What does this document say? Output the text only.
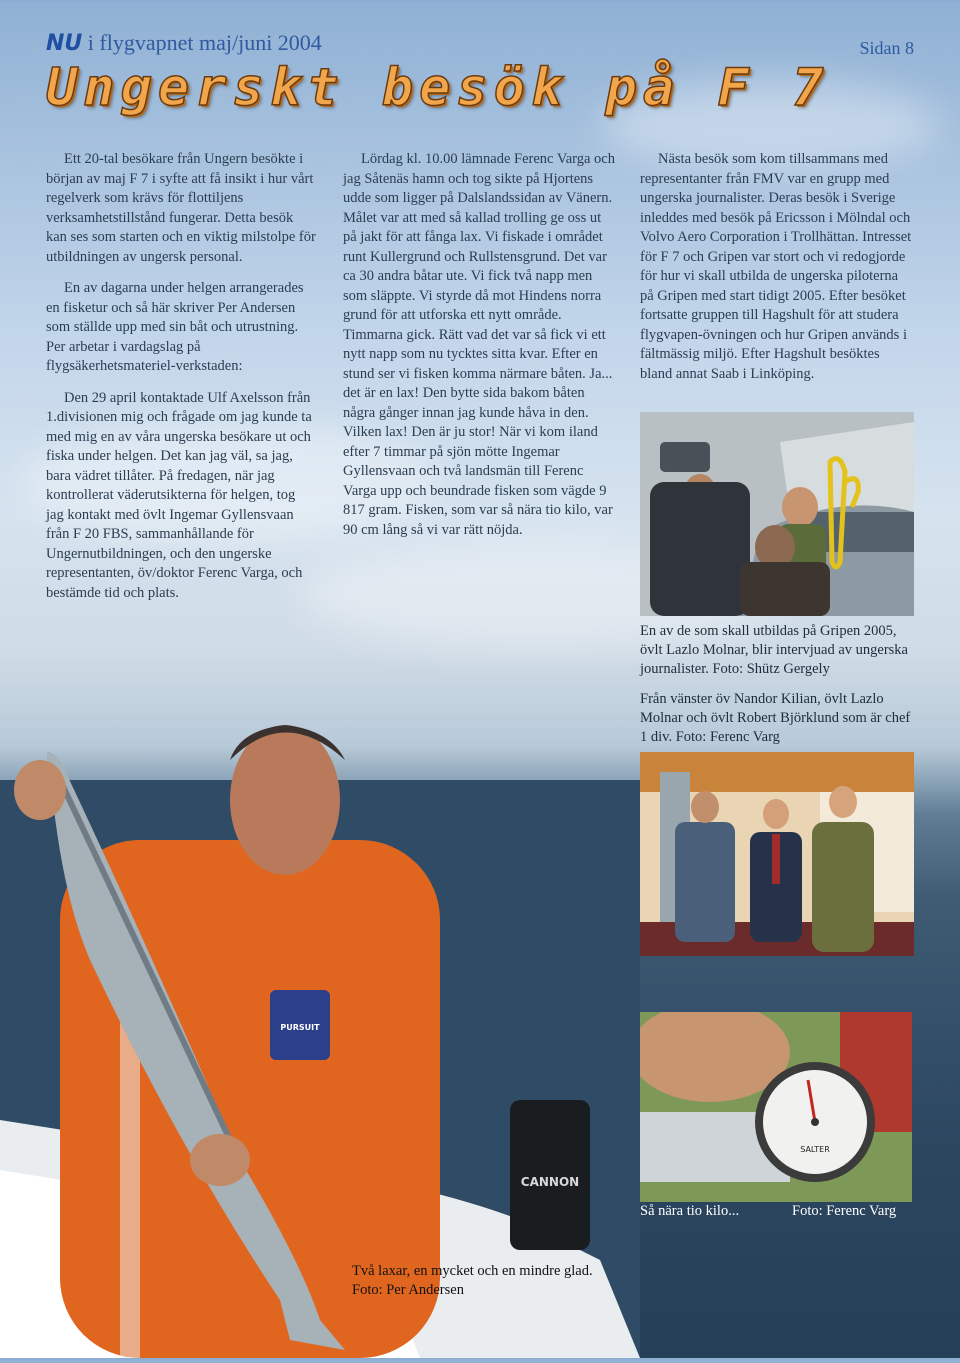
NU i flygvapnet maj/juni 2004	Sidan 8
Ungerskt besök på F 7

Ett 20-tal besökare från Ungern besökte i början av maj F 7 i syfte att få insikt i hur vårt regelverk som krävs för flottiljens verksamhetstillstånd fungerar. Detta besök kan ses som starten och en viktig milstolpe för utbildningen av ungersk personal.

En av dagarna under helgen arrangerades en fisketur och så här skriver Per Andersen som ställde upp med sin båt och utrustning. Per arbetar i vardagslag på flygsäkerhetsmateriel-verkstaden:

Den 29 april kontaktade Ulf Axelsson från 1.divisionen mig och frågade om jag kunde ta med mig en av våra ungerska besökare ut och fiska under helgen. Det kan jag väl, sa jag, bara vädret tillåter. På fredagen, när jag kontrollerat väderutsikterna för helgen, tog jag kontakt med övlt Ingemar Gyllensvaan från F 20 FBS, sammanhållande för Ungernutbildningen, och den ungerske representanten, öv/doktor Ferenc Varga, och bestämde tid och plats.

Lördag kl. 10.00 lämnade Ferenc Varga och jag Såtenäs hamn och tog sikte på Hjortens udde som ligger på Dalslandssidan av Vänern. Målet var att med så kallad trolling ge oss ut på jakt för att fånga lax. Vi fiskade i området runt Kullergrund och Rullstensgrund. Det var ca 30 andra båtar ute. Vi fick två napp men som släppte. Vi styrde då mot Hindens norra grund för att utforska ett nytt område. Timmarna gick. Rätt vad det var så fick vi ett nytt napp som nu tycktes sitta kvar. Efter en stund ser vi fisken komma närmare båten. Ja... det är en lax! Den bytte sida bakom båten några gånger innan jag kunde håva in den. Vilken lax! Den är ju stor! När vi kom iland efter 7 timmar på sjön mötte Ingemar Gyllensvaan och två landsmän till Ferenc Varga upp och beundrade fisken som vägde 9 817 gram. Fisken, som var så nära tio kilo, var 90 cm lång så vi var rätt nöjda.

Nästa besök som kom tillsammans med representanter från FMV var en grupp med ungerska journalister. Deras besök i Sverige inleddes med besök på Ericsson i Mölndal och Volvo Aero Corporation i Trollhättan. Intresset för F 7 och Gripen var stort och vi redogjorde för hur vi skall utbilda de ungerska piloterna på Gripen med start tidigt 2005. Efter besöket fortsatte gruppen till Hagshult för att studera flygvapen-övningen och hur Gripen används i fältmässig miljö. Efter Hagshult besöktes bland annat Saab i Linköping.

En av de som skall utbildas på Gripen 2005, övlt Lazlo Molnar, blir intervjuad av ungerska journalister. Foto: Shütz Gergely
Från vänster öv Nandor Kilian, övlt Lazlo Molnar och övlt Robert Björklund som är chef 1 div. Foto: Ferenc Varg
SALTER
Så nära tio kilo...	Foto: Ferenc Varg
CANNON
PURSUIT
Två laxar, en mycket och en mindre glad. Foto: Per Andersen
